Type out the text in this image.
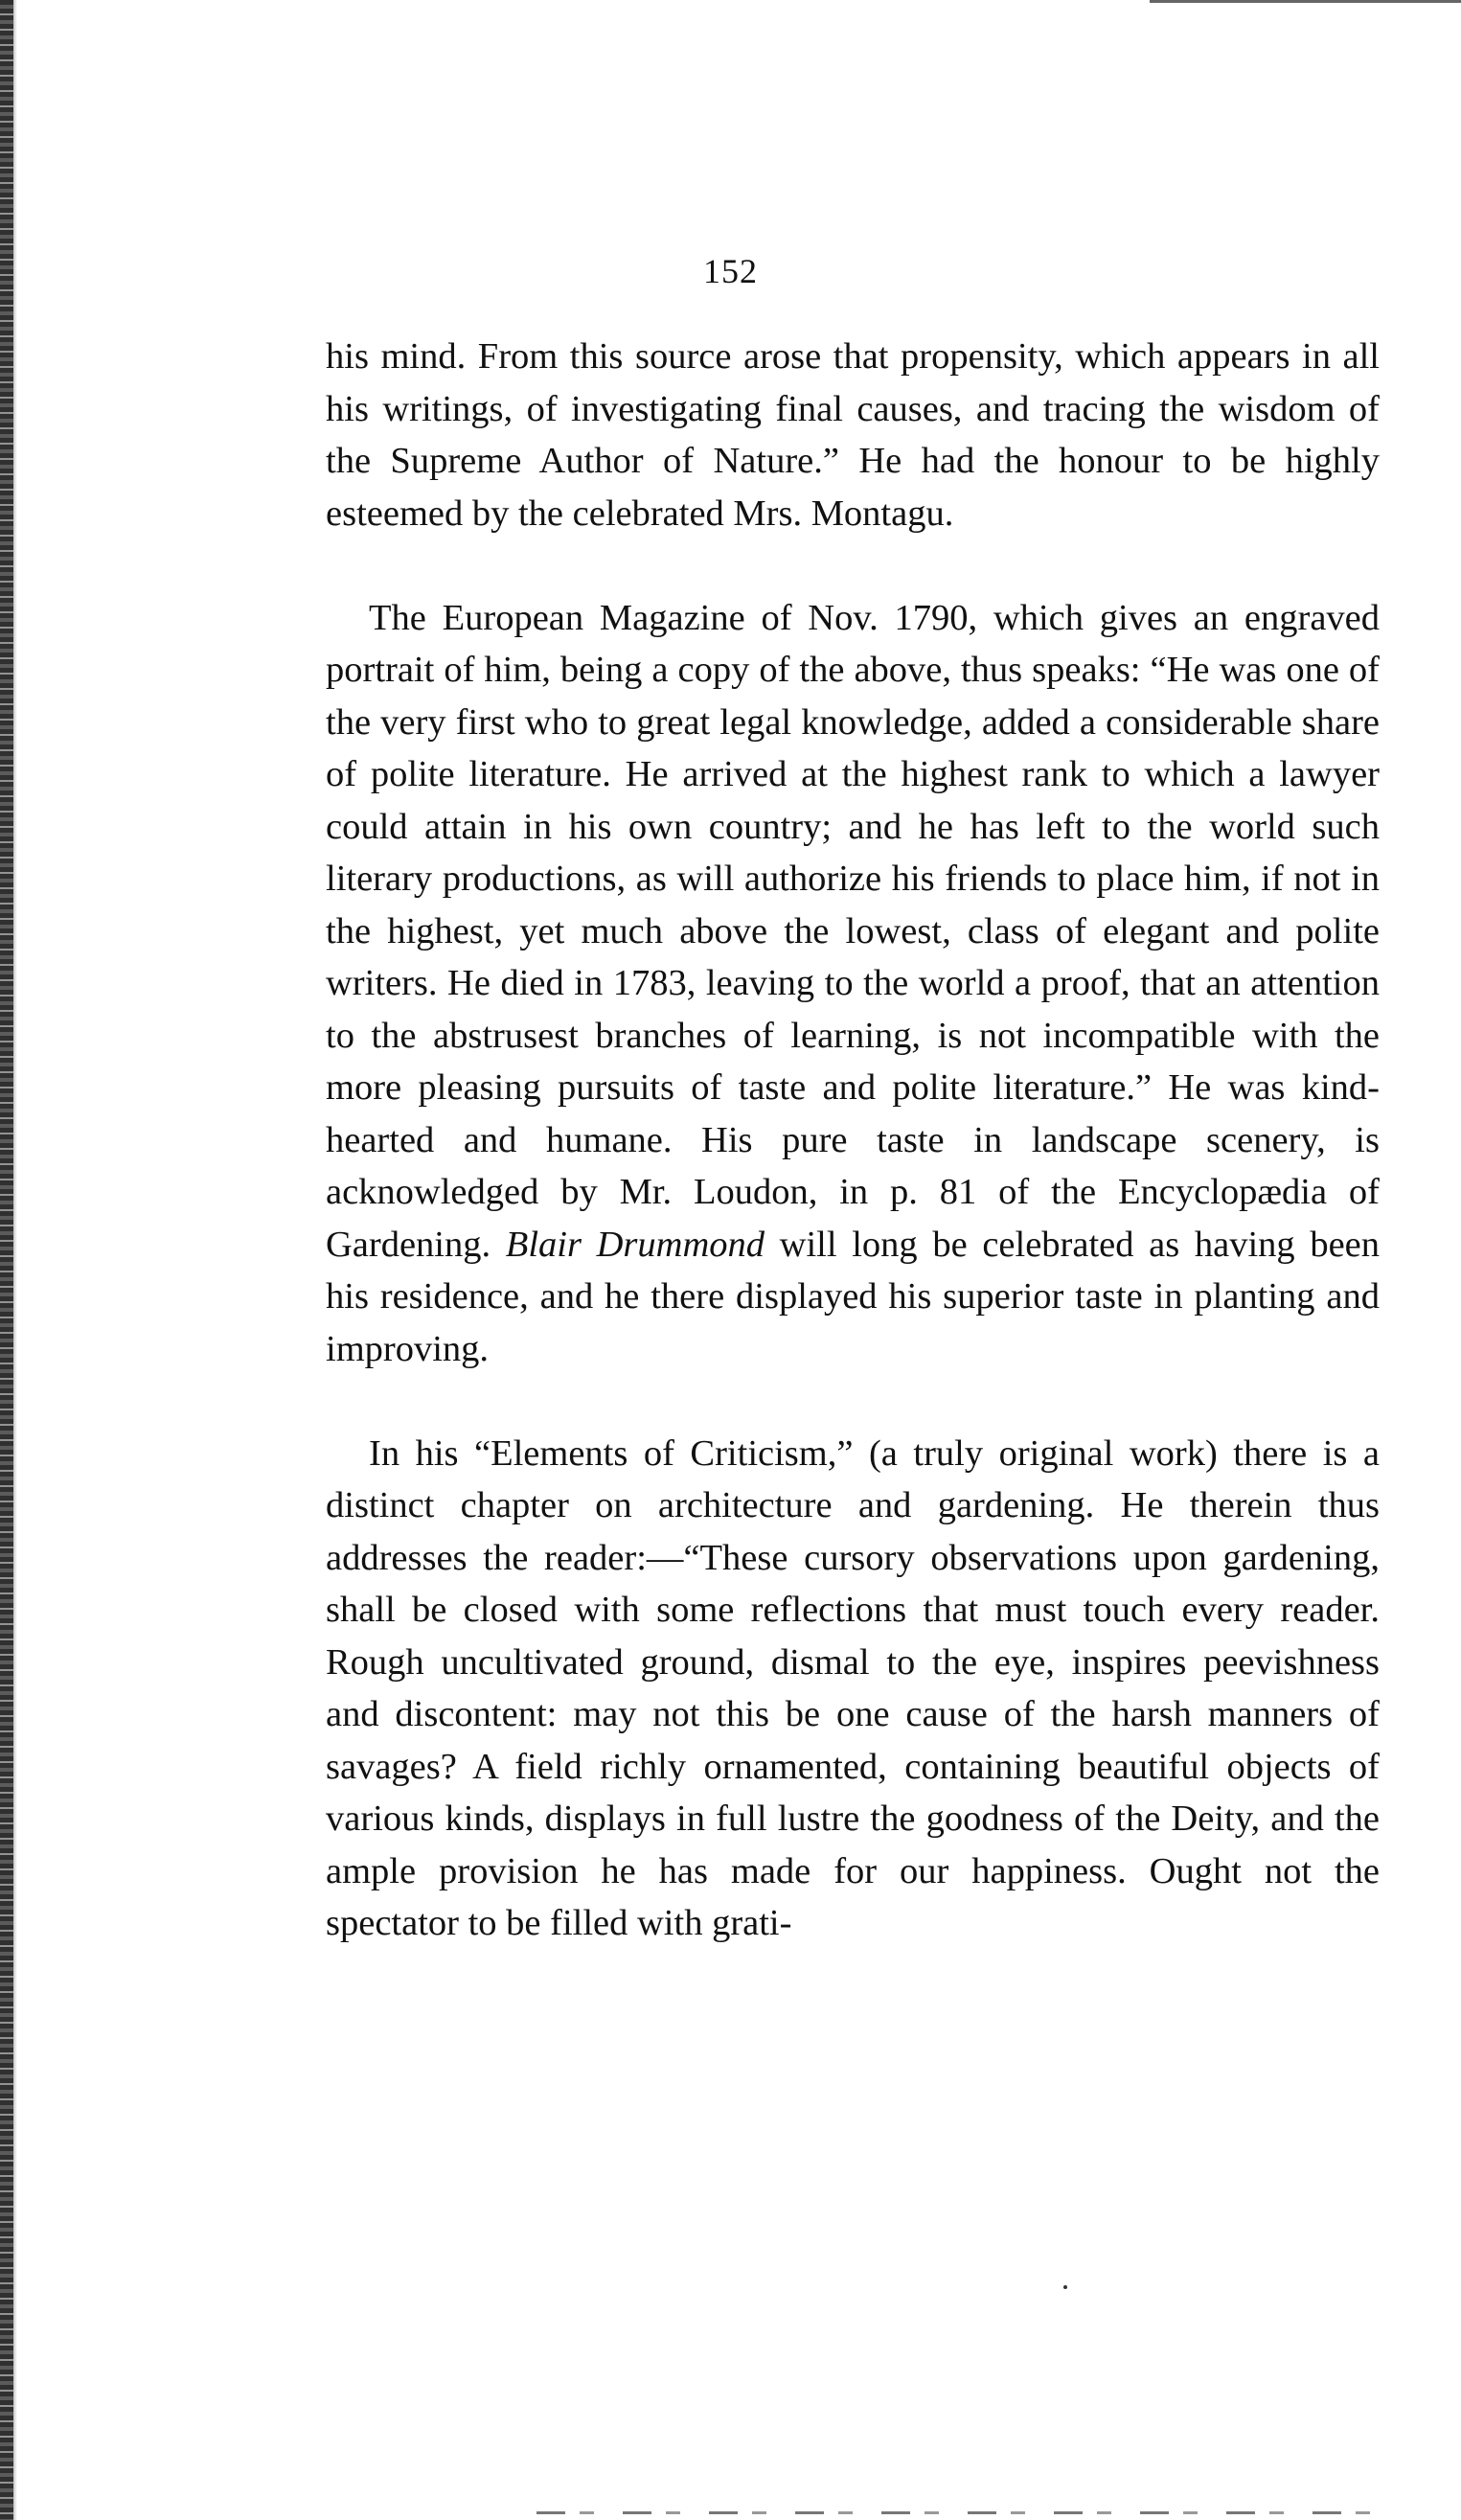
152

his mind. From this source arose that propensity, which appears in all his writings, of investigating final causes, and tracing the wisdom of the Supreme Author of Nature.” He had the honour to be highly esteemed by the celebrated Mrs. Montagu.

The European Magazine of Nov. 1790, which gives an engraved portrait of him, being a copy of the above, thus speaks: “He was one of the very first who to great legal knowledge, added a considerable share of polite literature. He arrived at the highest rank to which a lawyer could attain in his own country; and he has left to the world such literary productions, as will authorize his friends to place him, if not in the highest, yet much above the lowest, class of elegant and polite writers. He died in 1783, leaving to the world a proof, that an attention to the abstrusest branches of learning, is not incompatible with the more pleasing pursuits of taste and polite literature.” He was kind-hearted and humane. His pure taste in landscape scenery, is acknowledged by Mr. Loudon, in p. 81 of the Encyclopædia of Gardening. Blair Drummond will long be celebrated as having been his residence, and he there displayed his superior taste in planting and improving.

In his “Elements of Criticism,” (a truly original work) there is a distinct chapter on architecture and gardening. He therein thus addresses the reader:—“These cursory observations upon gardening, shall be closed with some reflections that must touch every reader. Rough uncultivated ground, dismal to the eye, inspires peevishness and discontent: may not this be one cause of the harsh manners of savages? A field richly ornamented, containing beautiful objects of various kinds, displays in full lustre the goodness of the Deity, and the ample provision he has made for our happiness. Ought not the spectator to be filled with grati-
